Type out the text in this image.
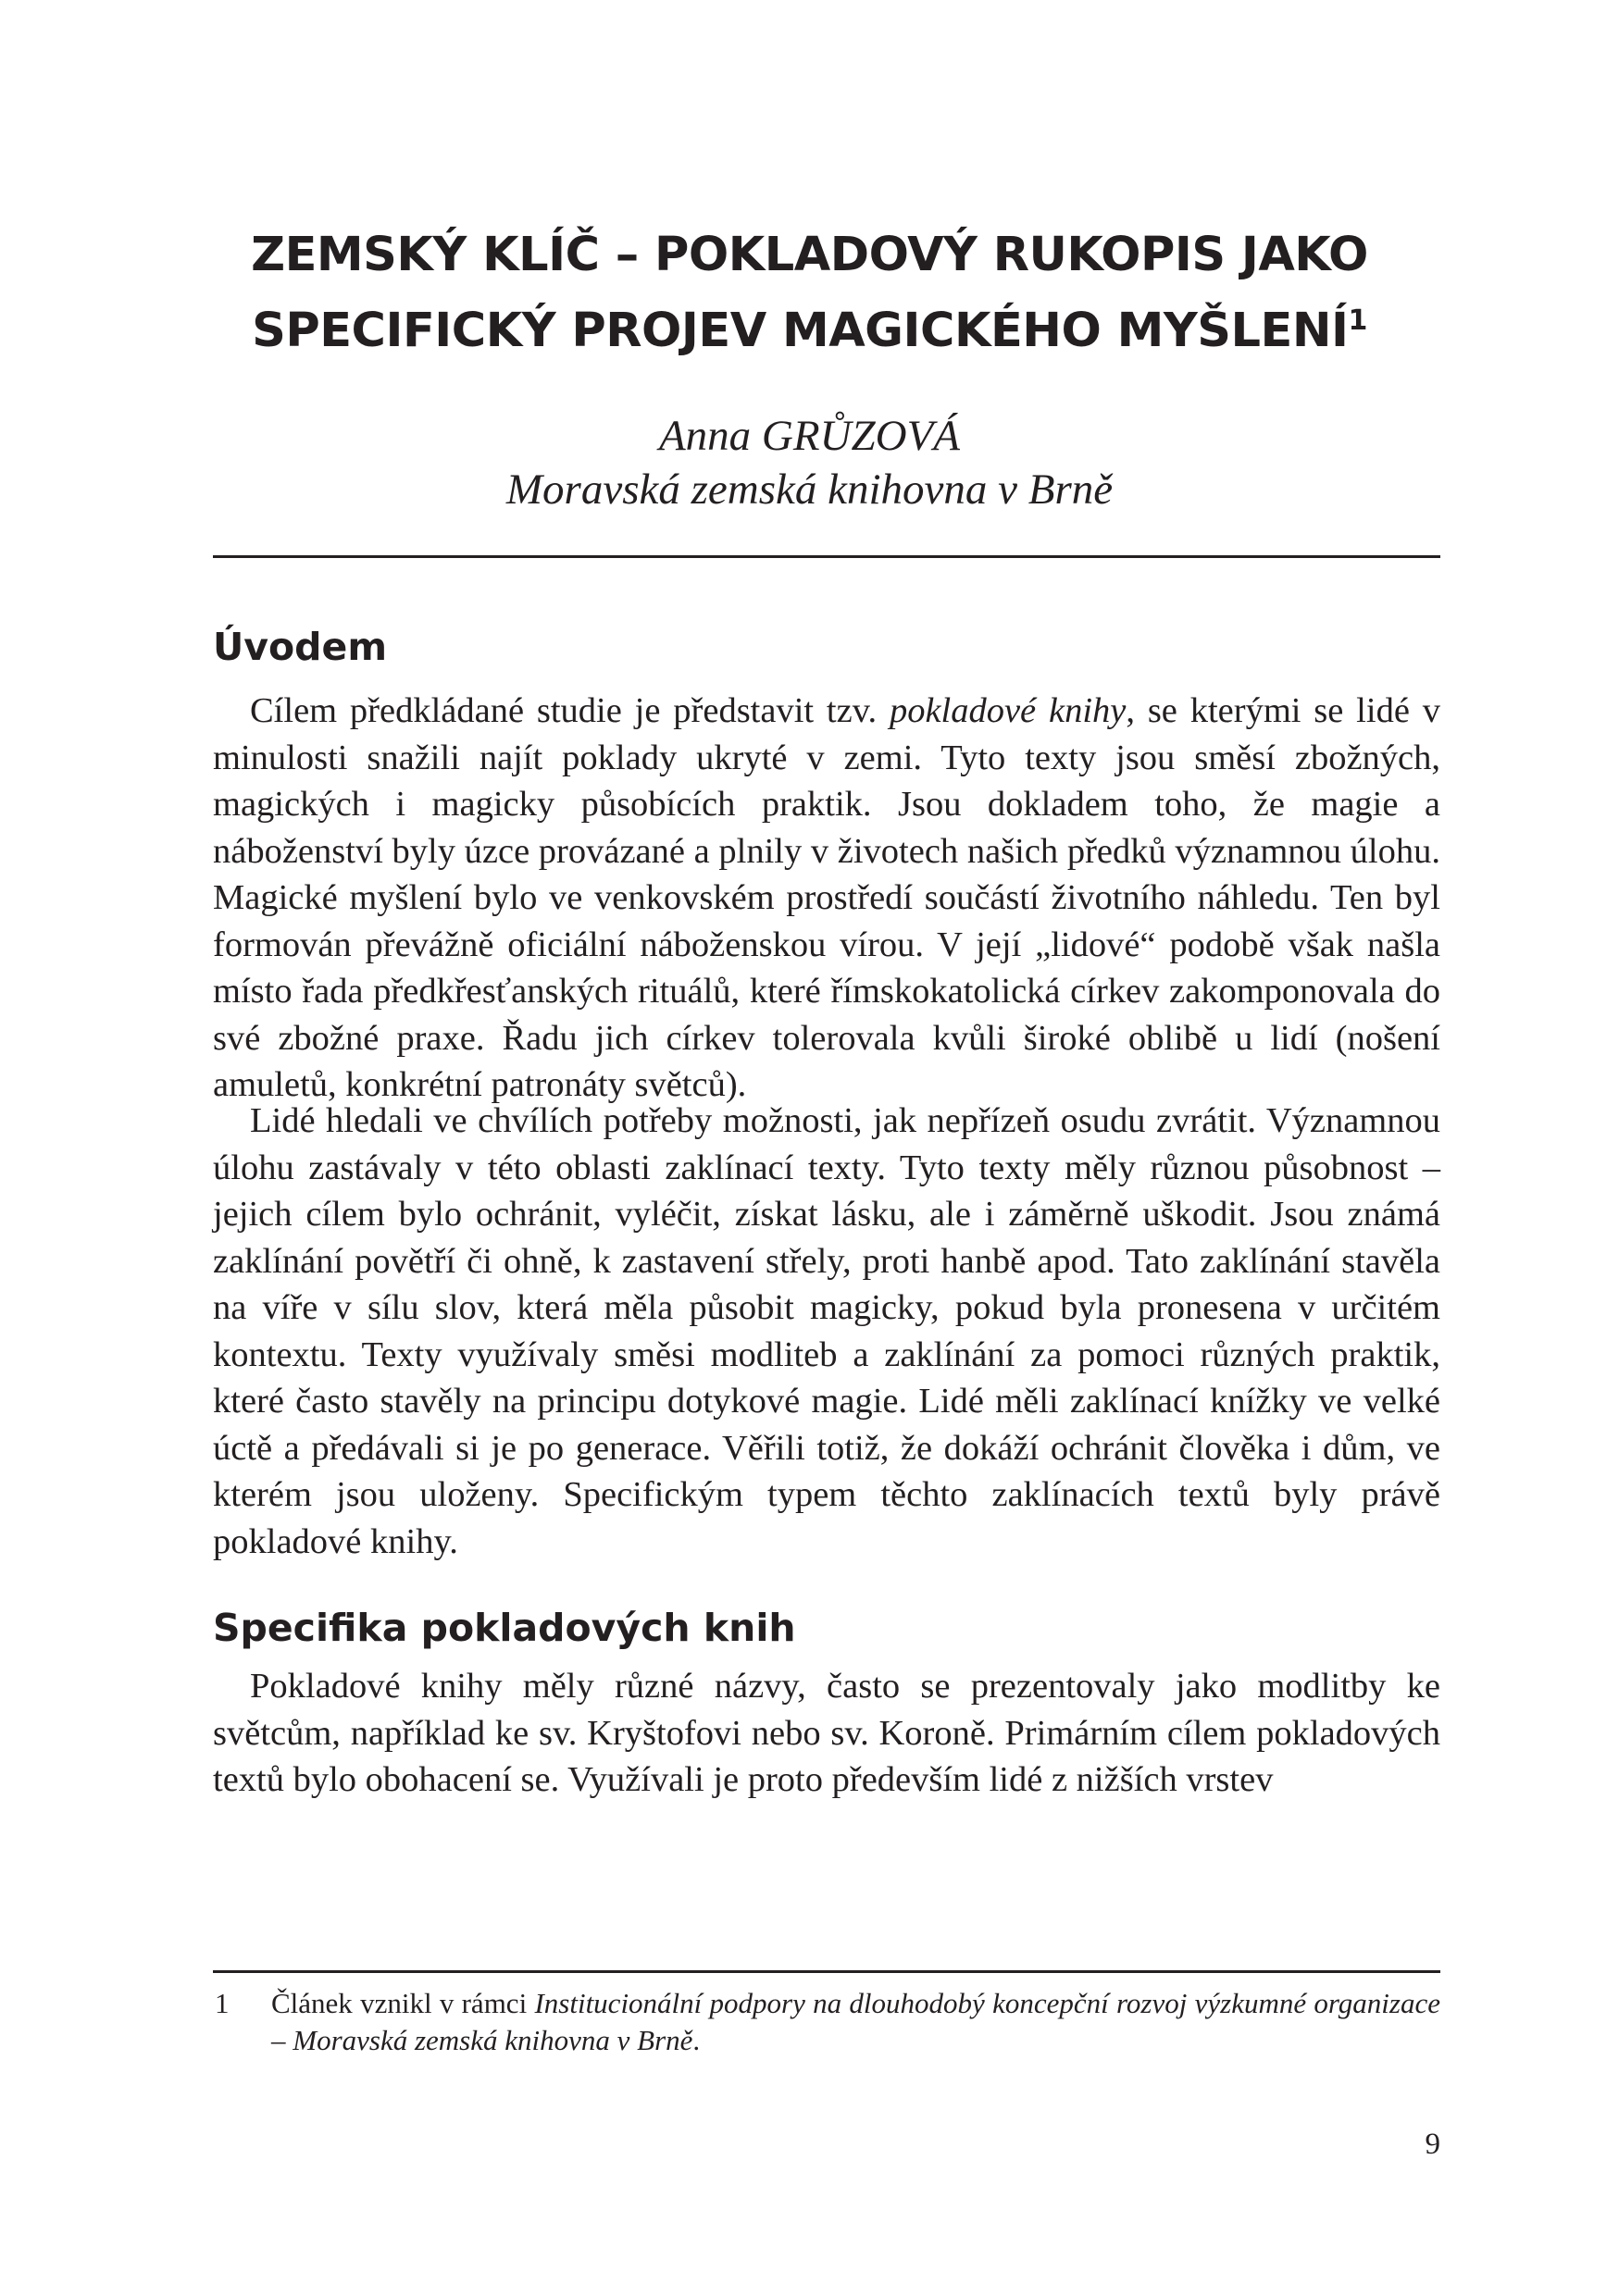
ZEMSKÝ KLÍČ – POKLADOVÝ RUKOPIS JAKO SPECIFICKÝ PROJEV MAGICKÉHO MYŠLENÍ$^1$

Anna GRŮZOVÁ

Moravská zemská knihovna v Brně

Úvodem

Cílem předkládané studie je představit tzv. pokladové knihy, se kterými se lidé v minulosti snažili najít poklady ukryté v zemi. Tyto texty jsou směsí zbožných, magických i magicky působících praktik. Jsou dokladem toho, že magie a náboženství byly úzce provázané a plnily v životech našich předků významnou úlohu. Magické myšlení bylo ve venkovském prostředí součástí životního náhledu. Ten byl formován převážně oficiální náboženskou vírou. V její „lidové“ podobě však našla místo řada předkřesťanských rituálů, které římskokatolická církev zakomponovala do své zbožné praxe. Řadu jich církev tolerovala kvůli široké oblibě u lidí (nošení amuletů, konkrétní patronáty světců).

Lidé hledali ve chvílích potřeby možnosti, jak nepřízeň osudu zvrátit. Významnou úlohu zastávaly v této oblasti zaklínací texty. Tyto texty měly různou působnost – jejich cílem bylo ochránit, vyléčit, získat lásku, ale i záměrně uškodit. Jsou známá zaklínání povětří či ohně, k zastavení střely, proti hanbě apod. Tato zaklínání stavěla na víře v sílu slov, která měla působit magicky, pokud byla pronesena v určitém kontextu. Texty využívaly směsi modliteb a zaklínání za pomoci různých praktik, které často stavěly na principu dotykové magie. Lidé měli zaklínací knížky ve velké úctě a předávali si je po generace. Věřili totiž, že dokáží ochránit člověka i dům, ve kterém jsou uloženy. Specifickým typem těchto zaklínacích textů byly právě pokladové knihy.

Specifika pokladových knih

Pokladové knihy měly různé názvy, často se prezentovaly jako modlitby ke světcům, například ke sv. Kryštofovi nebo sv. Koroně. Primárním cílem pokladových textů bylo obohacení se. Využívali je proto především lidé z nižších vrstev

1 Článek vznikl v rámci Institucionální podpory na dlouhodobý koncepční rozvoj výzkumné organizace – Moravská zemská knihovna v Brně.

9
